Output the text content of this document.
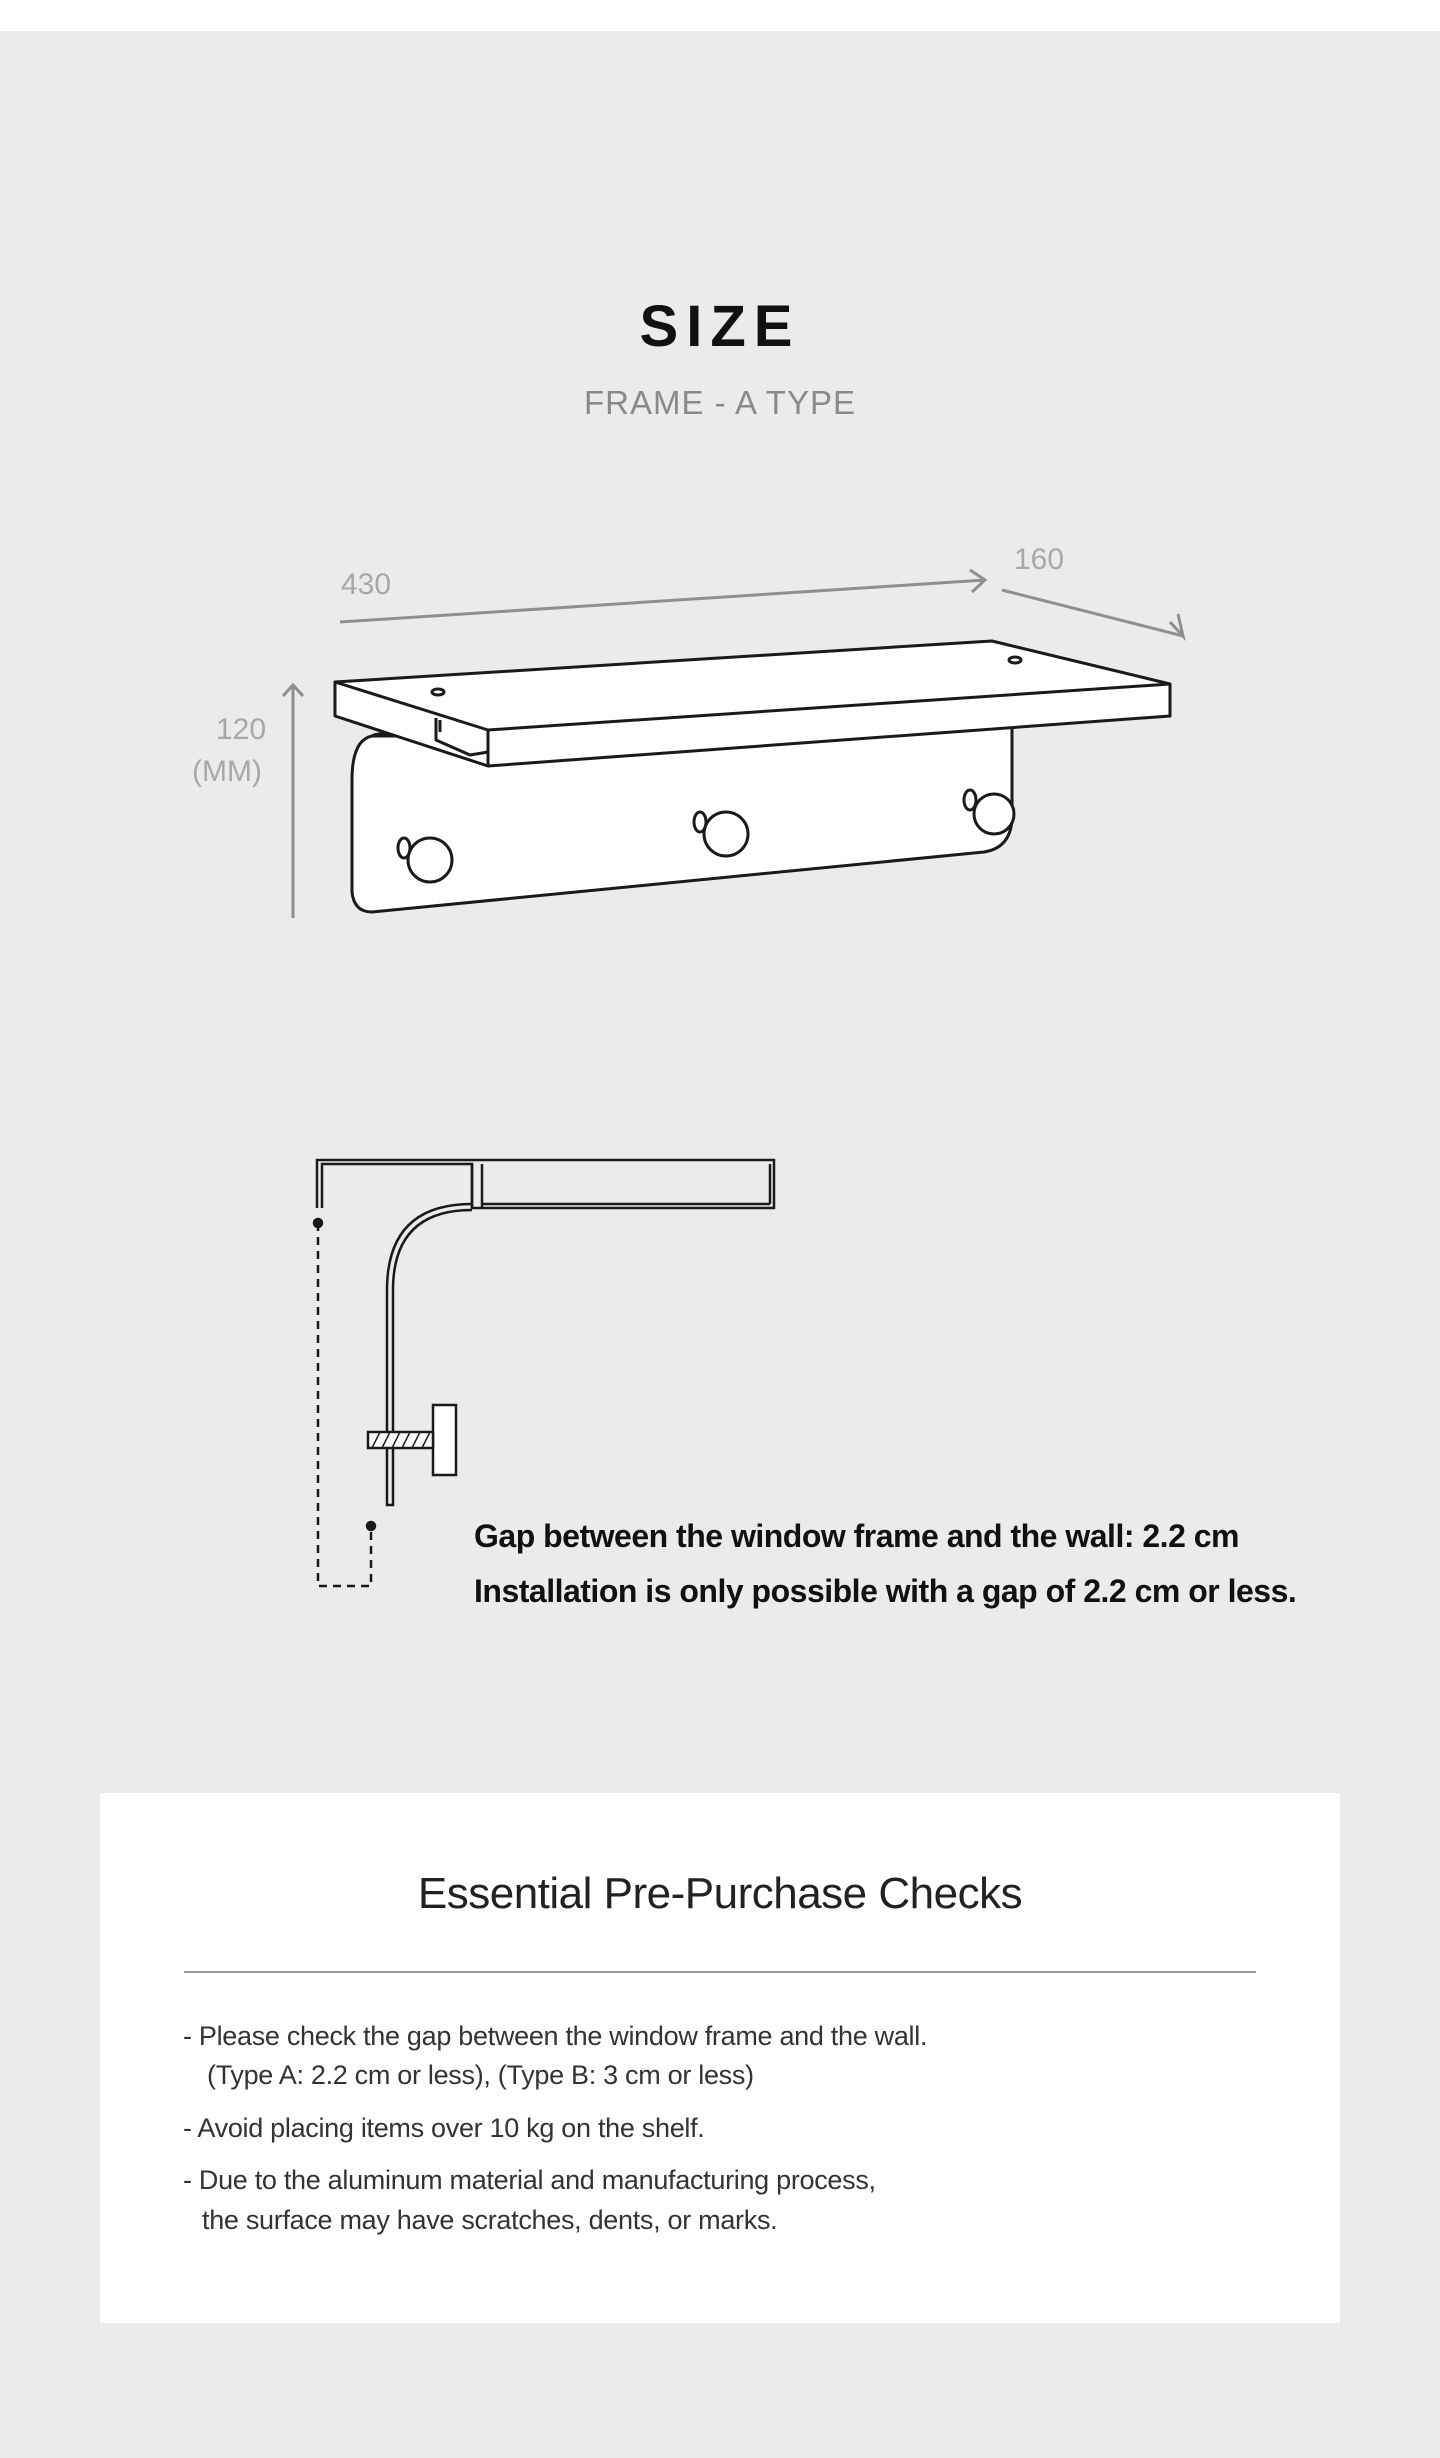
SIZE
FRAME - A TYPE
430
160
120
(MM)
Gap between the window frame and the wall: 2.2 cm
Installation is only possible with a gap of 2.2 cm or less.
Essential Pre-Purchase Checks
- Please check the gap between the window frame and the wall.
(Type A: 2.2 cm or less), (Type B: 3 cm or less)
- Avoid placing items over 10 kg on the shelf.
- Due to the aluminum material and manufacturing process,
the surface may have scratches, dents, or marks.
